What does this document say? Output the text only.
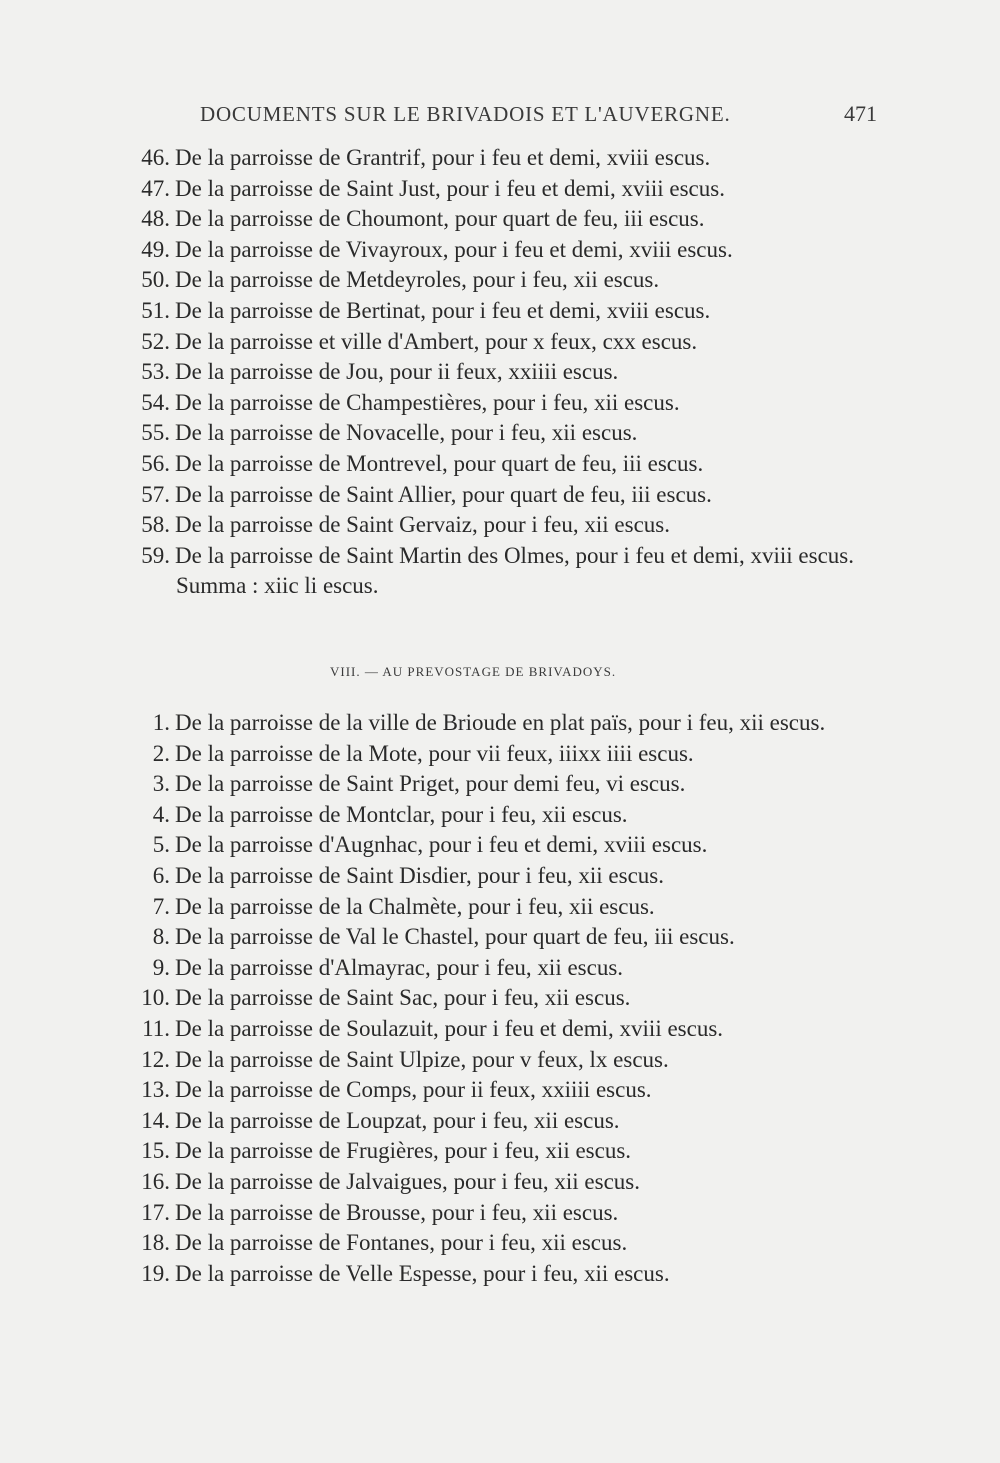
DOCUMENTS SUR LE BRIVADOIS ET L'AUVERGNE.	471
46. De la parroisse de Grantrif, pour i feu et demi, xviii escus.
47. De la parroisse de Saint Just, pour i feu et demi, xviii escus.
48. De la parroisse de Choumont, pour quart de feu, iii escus.
49. De la parroisse de Vivayroux, pour i feu et demi, xviii escus.
50. De la parroisse de Metdeyroles, pour i feu, xii escus.
51. De la parroisse de Bertinat, pour i feu et demi, xviii escus.
52. De la parroisse et ville d'Ambert, pour x feux, cxx escus.
53. De la parroisse de Jou, pour ii feux, xxiiii escus.
54. De la parroisse de Champestières, pour i feu, xii escus.
55. De la parroisse de Novacelle, pour i feu, xii escus.
56. De la parroisse de Montrevel, pour quart de feu, iii escus.
57. De la parroisse de Saint Allier, pour quart de feu, iii escus.
58. De la parroisse de Saint Gervaiz, pour i feu, xii escus.
59. De la parroisse de Saint Martin des Olmes, pour i feu et demi, xviii escus.
Summa : xiic li escus.
VIII. — AU PREVOSTAGE DE BRIVADOYS.
1. De la parroisse de la ville de Brioude en plat païs, pour i feu, xii escus.
2. De la parroisse de la Mote, pour vii feux, iiixx iiii escus.
3. De la parroisse de Saint Priget, pour demi feu, vi escus.
4. De la parroisse de Montclar, pour i feu, xii escus.
5. De la parroisse d'Augnhac, pour i feu et demi, xviii escus.
6. De la parroisse de Saint Disdier, pour i feu, xii escus.
7. De la parroisse de la Chalmète, pour i feu, xii escus.
8. De la parroisse de Val le Chastel, pour quart de feu, iii escus.
9. De la parroisse d'Almayrac, pour i feu, xii escus.
10. De la parroisse de Saint Sac, pour i feu, xii escus.
11. De la parroisse de Soulazuit, pour i feu et demi, xviii escus.
12. De la parroisse de Saint Ulpize, pour v feux, lx escus.
13. De la parroisse de Comps, pour ii feux, xxiiii escus.
14. De la parroisse de Loupzat, pour i feu, xii escus.
15. De la parroisse de Frugières, pour i feu, xii escus.
16. De la parroisse de Jalvaigues, pour i feu, xii escus.
17. De la parroisse de Brousse, pour i feu, xii escus.
18. De la parroisse de Fontanes, pour i feu, xii escus.
19. De la parroisse de Velle Espesse, pour i feu, xii escus.
